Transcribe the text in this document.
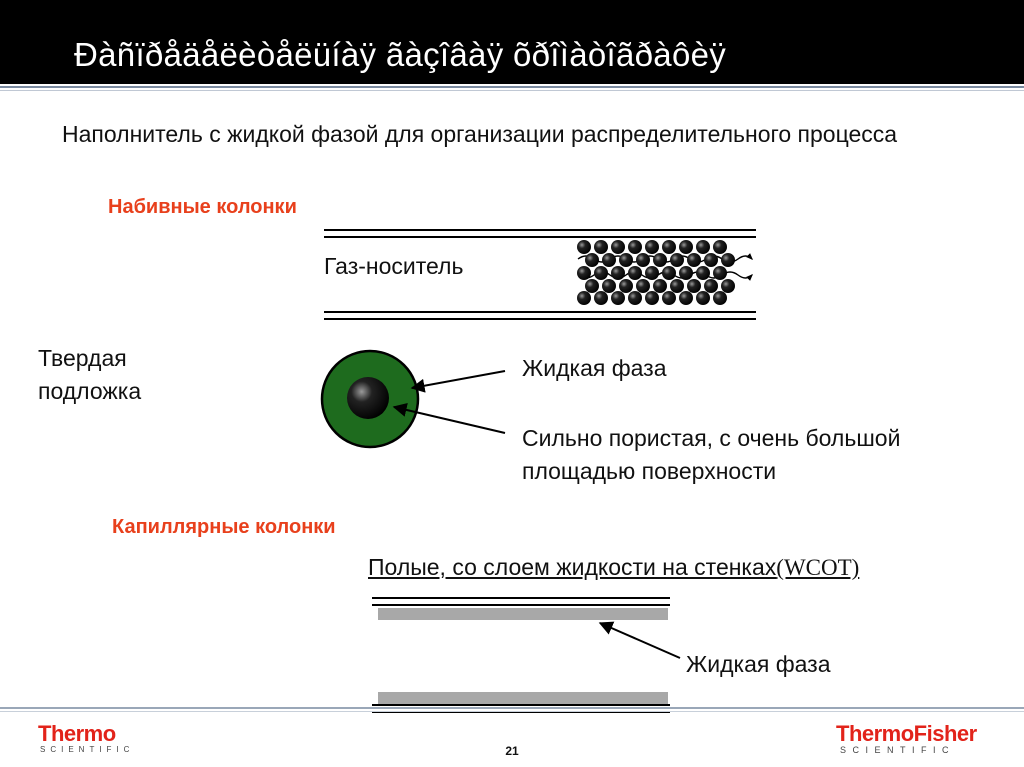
Ðàñïðåäåëèòåëüíàÿ ãàçîâàÿ õðîìàòîãðàôèÿ
Наполнитель с жидкой фазой для организации распределительного процесса
Набивные колонки
Газ-носитель
Твердая подложка
Жидкая фаза
Сильно пористая, с очень большой площадью поверхности
Капиллярные колонки
Полые, со слоем жидкости на стенках(WCOT)
Жидкая фаза
Thermo
SCIENTIFIC	21
ThermoFisher
SCIENTIFIC
